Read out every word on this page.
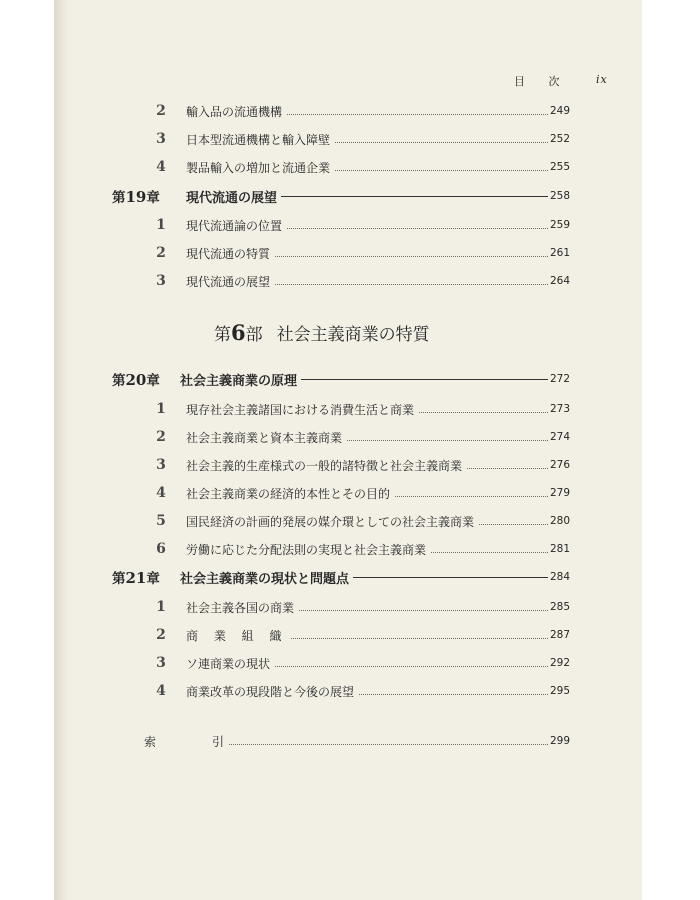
目 次	ix
2	輸入品の流通機構	249
3	日本型流通機構と輸入障壁	252
4	製品輸入の増加と流通企業	255
第19章 現代流通の展望	258
1	現代流通論の位置	259
2	現代流通の特質	261
3	現代流通の展望	264
第6部 社会主義商業の特質
第20章 社会主義商業の原理	272
1	現存社会主義諸国における消費生活と商業	273
2	社会主義商業と資本主義商業	274
3	社会主義的生産様式の一般的諸特徴と社会主義商業	276
4	社会主義商業の経済的本性とその目的	279
5	国民経済の計画的発展の媒介環としての社会主義商業	280
6	労働に応じた分配法則の実現と社会主義商業	281
第21章 社会主義商業の現状と問題点	284
1	社会主義各国の商業	285
2	商 業 組 織	287
3	ソ連商業の現状	292
4	商業改革の現段階と今後の展望	295
索	引	299
